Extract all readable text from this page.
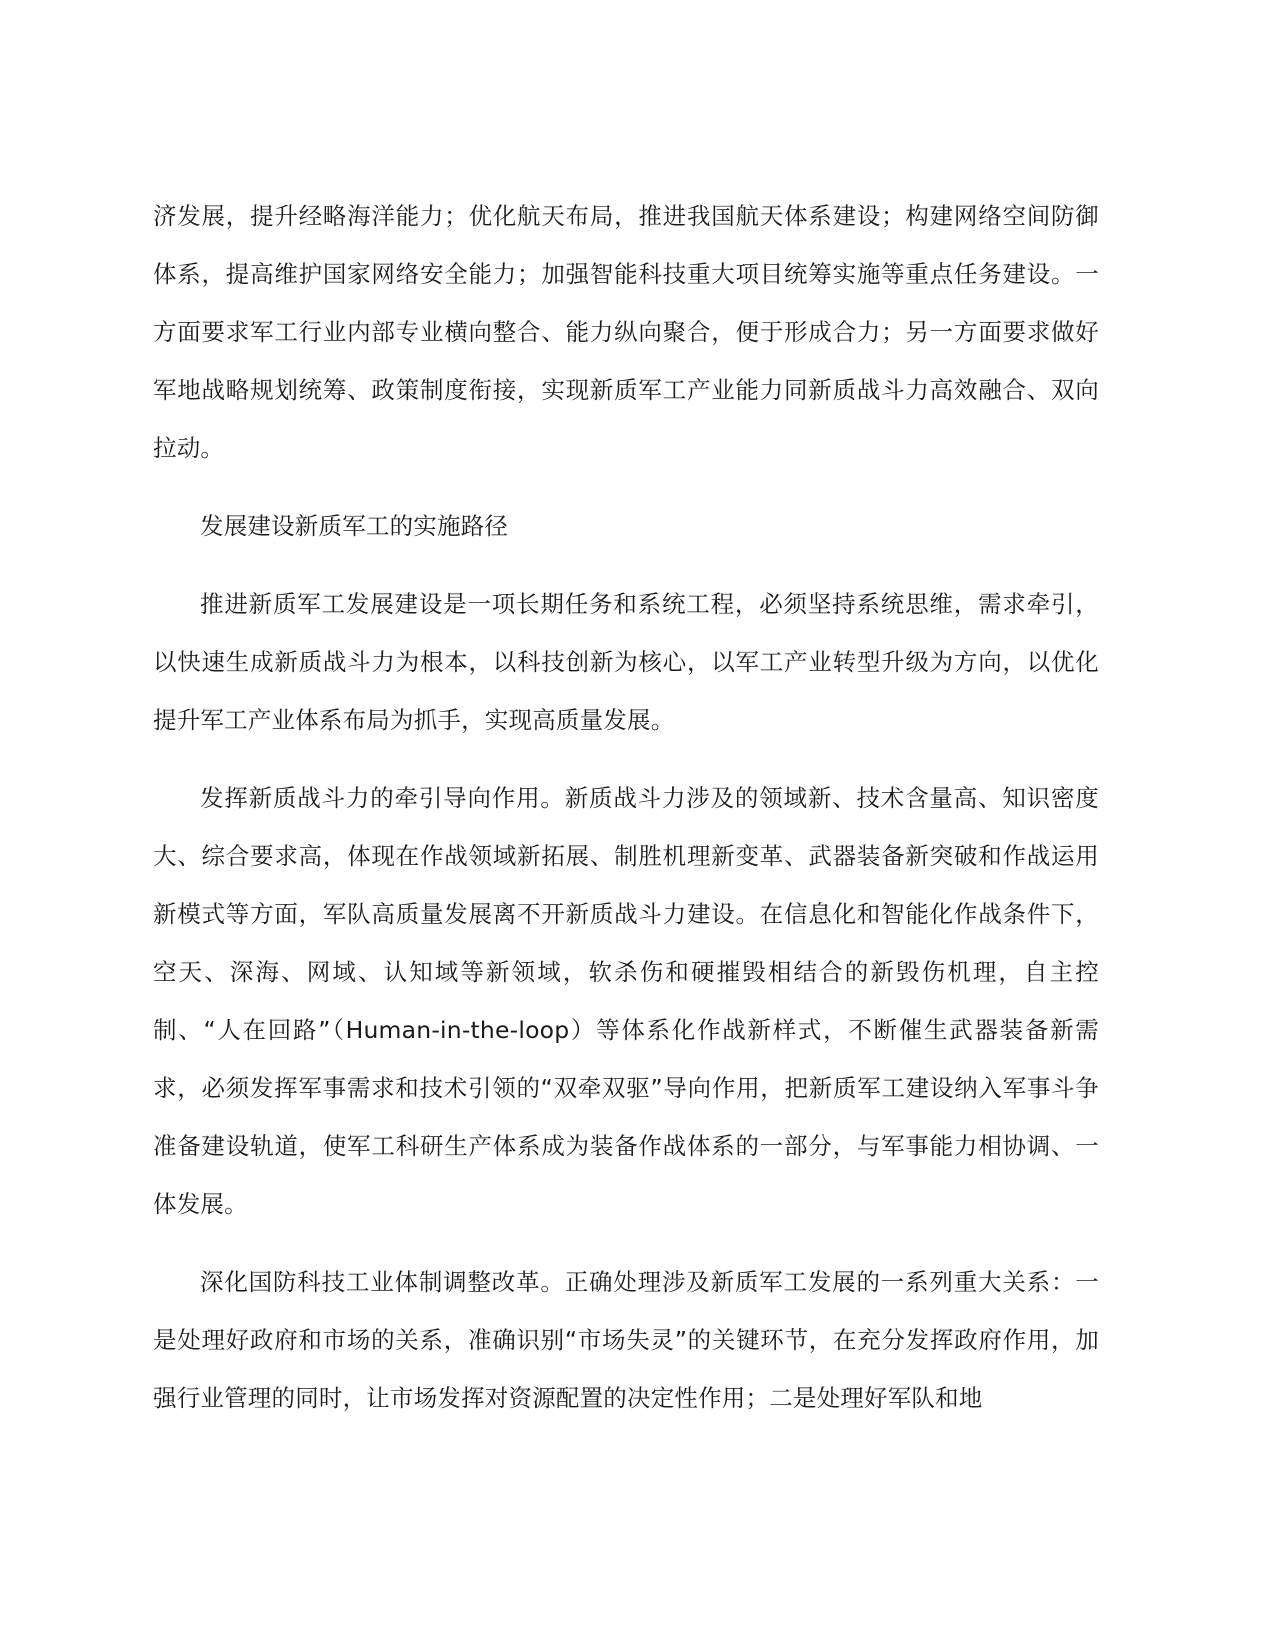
济发展，提升经略海洋能力；优化航天布局，推进我国航天体系建设；构建网络空间防御体系，提高维护国家网络安全能力；加强智能科技重大项目统筹实施等重点任务建设。一方面要求军工行业内部专业横向整合、能力纵向聚合，便于形成合力；另一方面要求做好军地战略规划统筹、政策制度衔接，实现新质军工产业能力同新质战斗力高效融合、双向拉动。

发展建设新质军工的实施路径

推进新质军工发展建设是一项长期任务和系统工程，必须坚持系统思维，需求牵引，以快速生成新质战斗力为根本，以科技创新为核心，以军工产业转型升级为方向，以优化提升军工产业体系布局为抓手，实现高质量发展。

发挥新质战斗力的牵引导向作用。新质战斗力涉及的领域新、技术含量高、知识密度大、综合要求高，体现在作战领域新拓展、制胜机理新变革、武器装备新突破和作战运用新模式等方面，军队高质量发展离不开新质战斗力建设。在信息化和智能化作战条件下，空天、深海、网域、认知域等新领域，软杀伤和硬摧毁相结合的新毁伤机理，自主控制、“人在回路”（Human-in-the-loop）等体系化作战新样式，不断催生武器装备新需求，必须发挥军事需求和技术引领的“双牵双驱”导向作用，把新质军工建设纳入军事斗争准备建设轨道，使军工科研生产体系成为装备作战体系的一部分，与军事能力相协调、一体发展。

深化国防科技工业体制调整改革。正确处理涉及新质军工发展的一系列重大关系：一是处理好政府和市场的关系，准确识别“市场失灵”的关键环节，在充分发挥政府作用，加强行业管理的同时，让市场发挥对资源配置的决定性作用；二是处理好军队和地
